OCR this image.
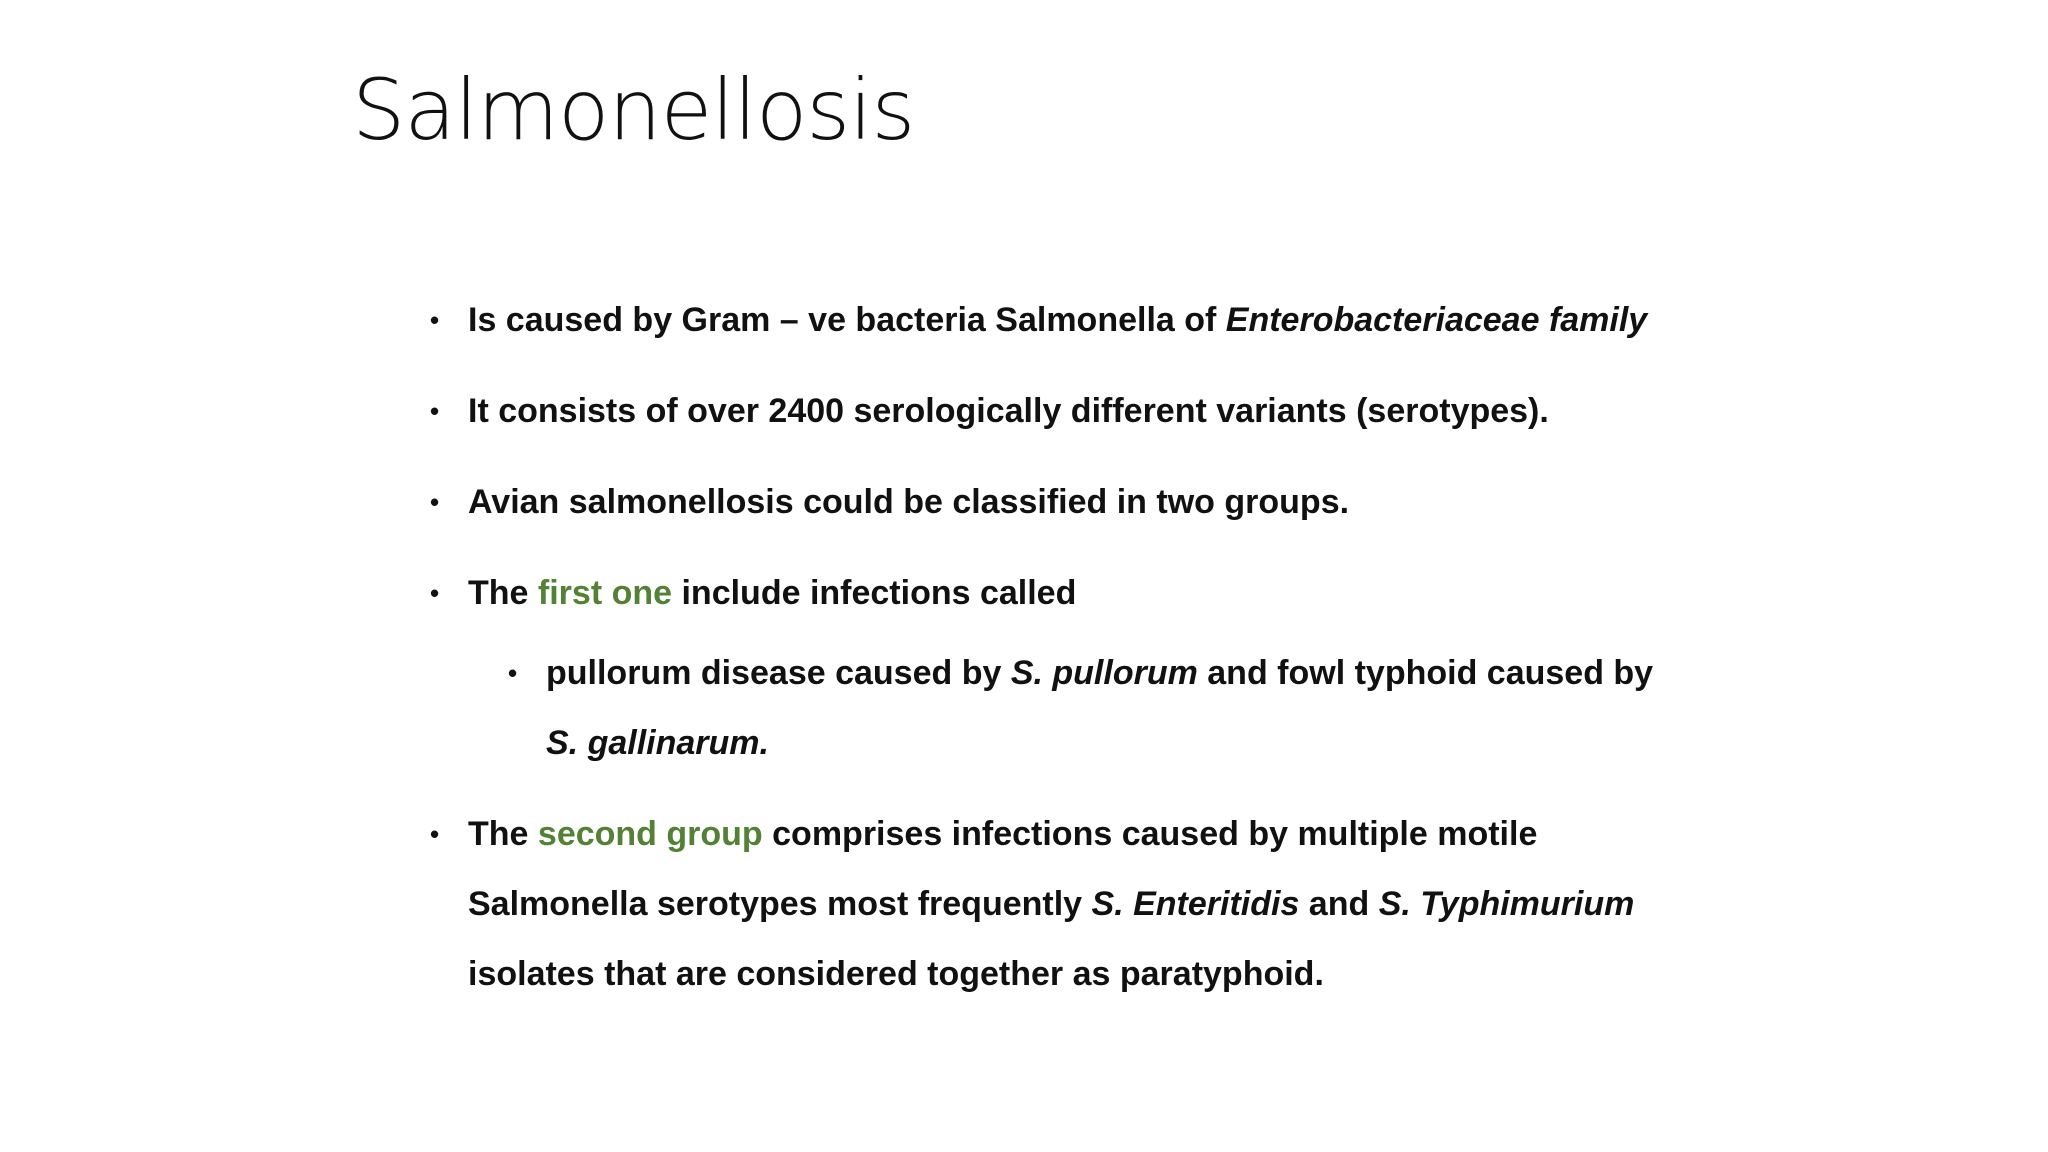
Salmonellosis
• Is caused by Gram – ve bacteria Salmonella of Enterobacteriaceae family
• It consists of over 2400 serologically different variants (serotypes).
• Avian salmonellosis could be classified in two groups.
• The first one include infections called
• pullorum disease caused by S. pullorum and fowl typhoid caused by
S. gallinarum.
• The second group comprises infections caused by multiple motile
Salmonella serotypes most frequently S. Enteritidis and S. Typhimurium
isolates that are considered together as paratyphoid.
